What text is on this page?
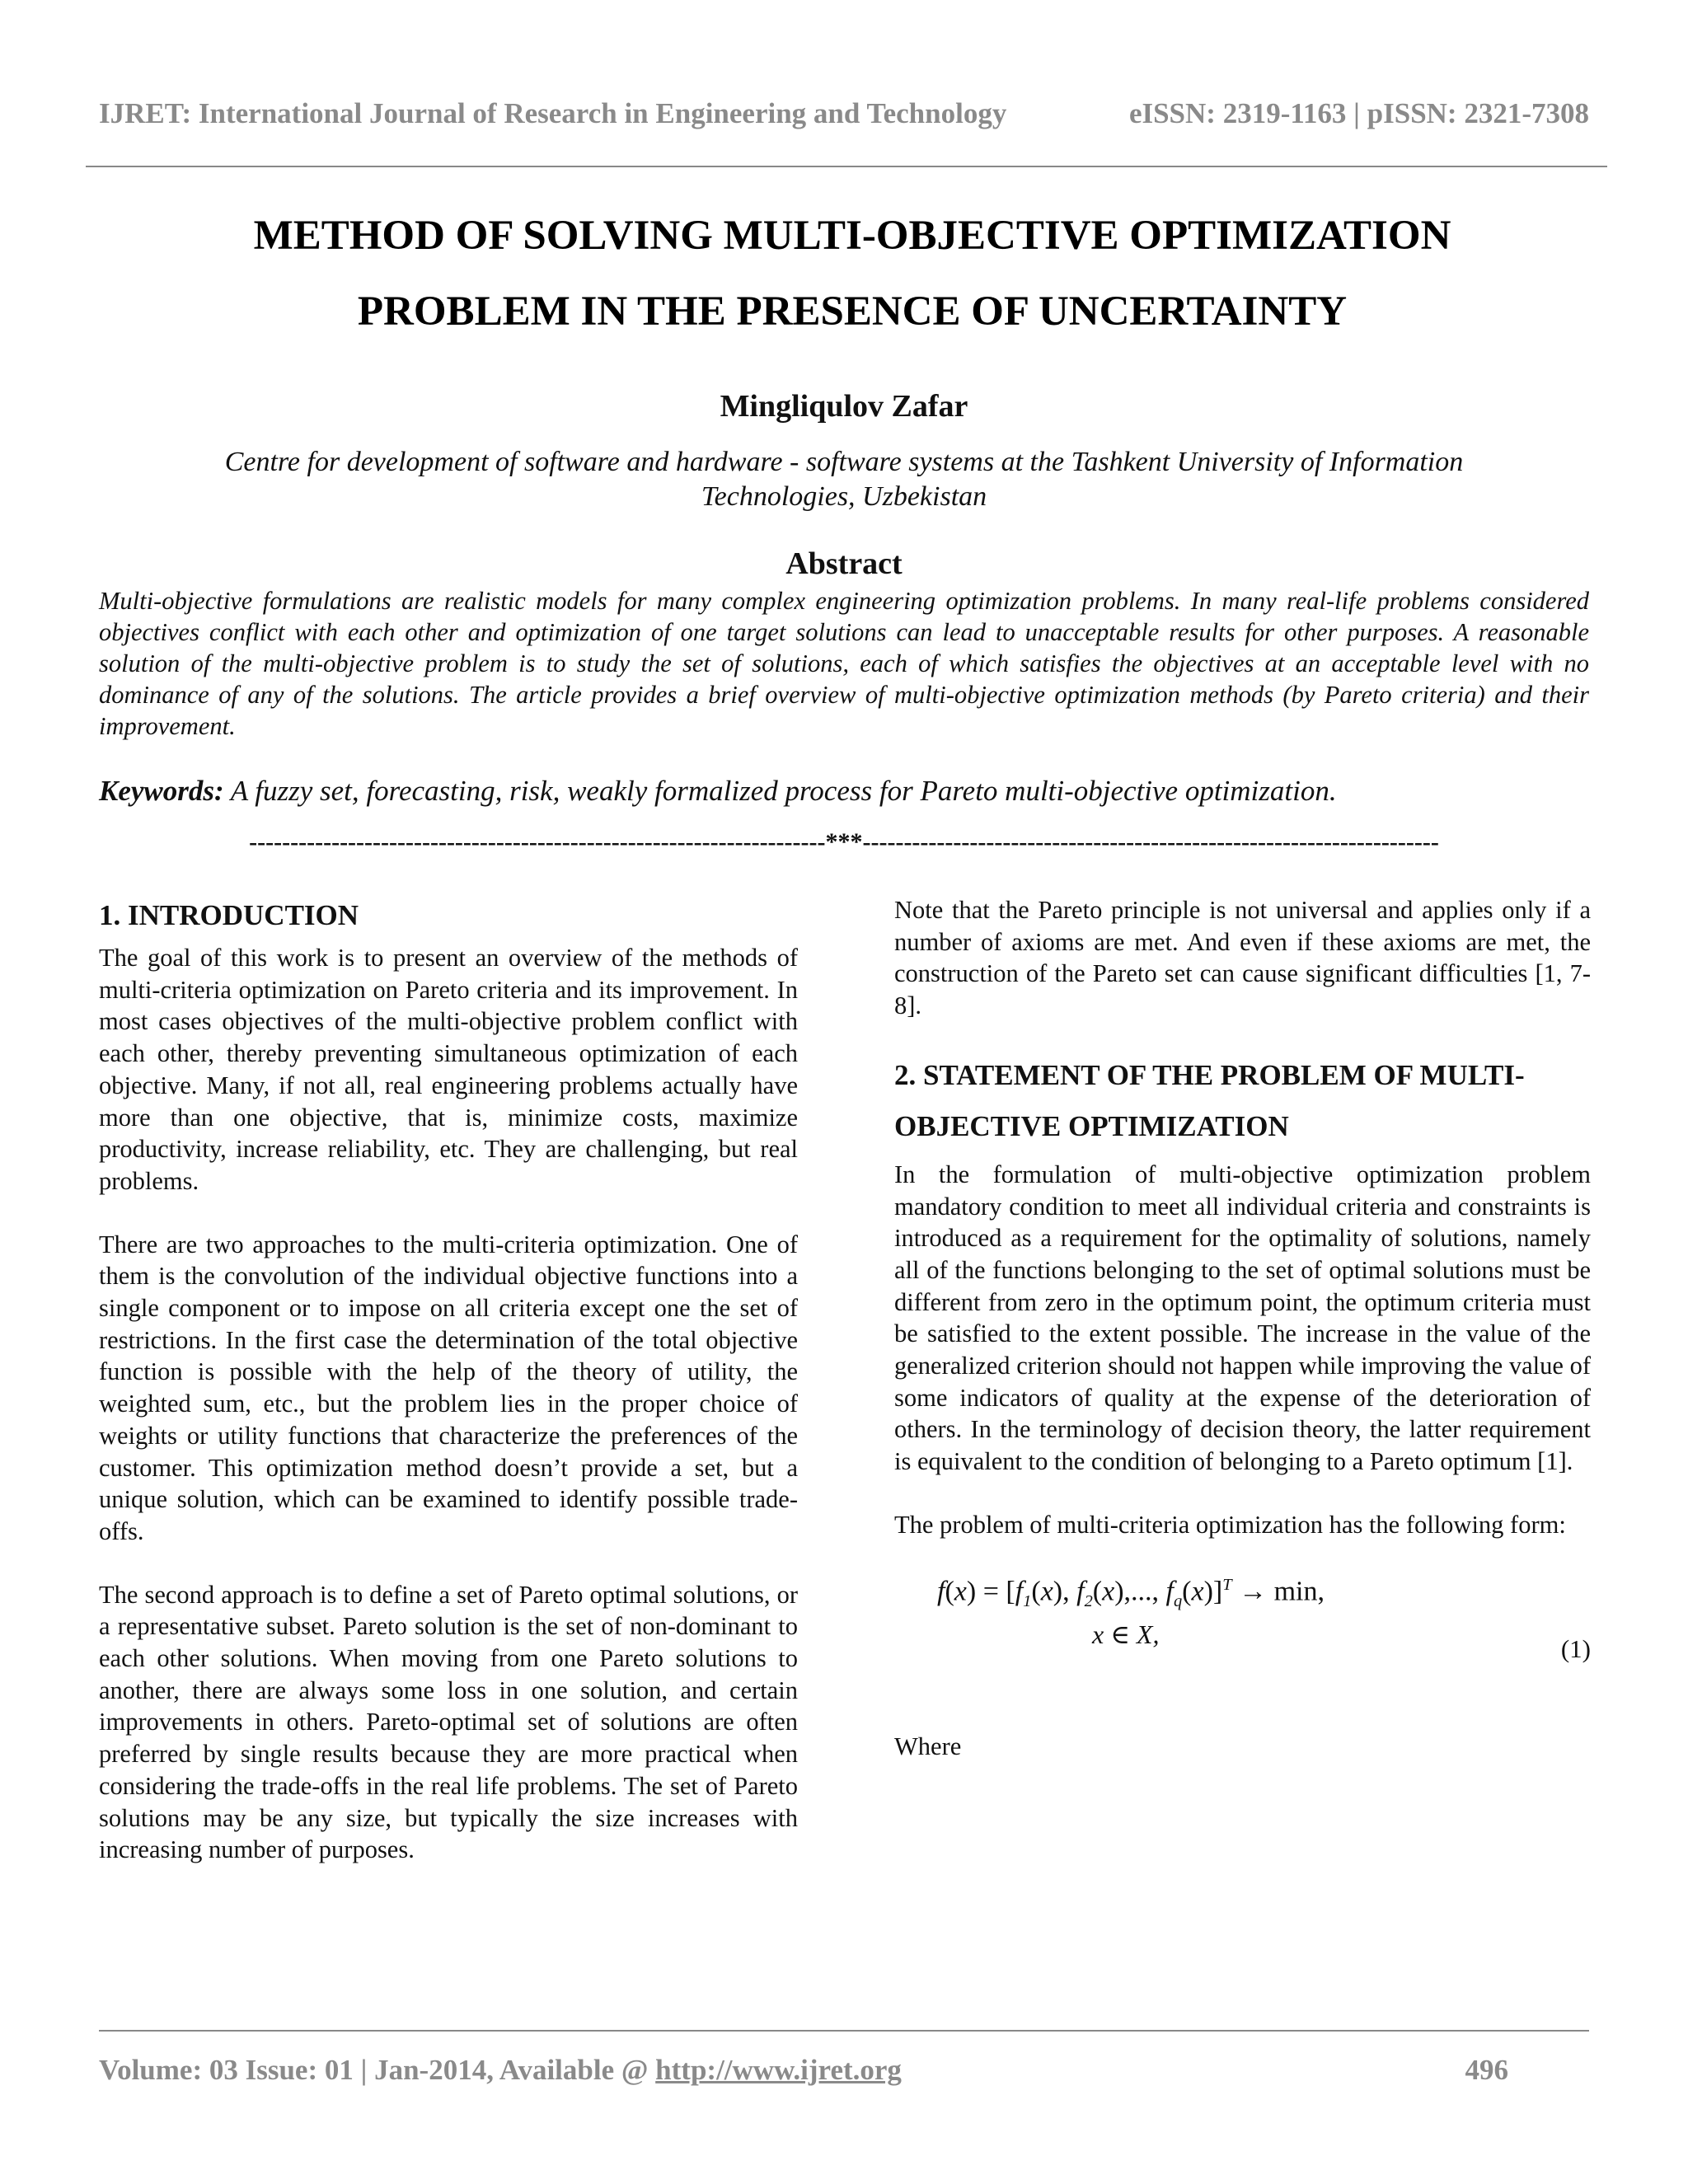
IJRET: International Journal of Research in Engineering and Technology	eISSN: 2319-1163 | pISSN: 2321-7308
METHOD OF SOLVING MULTI-OBJECTIVE OPTIMIZATION
PROBLEM IN THE PRESENCE OF UNCERTAINTY
Mingliqulov Zafar
Centre for development of software and hardware - software systems at the Tashkent University of Information
Technologies, Uzbekistan
Abstract
Multi-objective formulations are realistic models for many complex engineering optimization problems. In many real-life problems considered objectives conflict with each other and optimization of one target solutions can lead to unacceptable results for other purposes. A reasonable solution of the multi-objective problem is to study the set of solutions, each of which satisfies the objectives at an acceptable level with no dominance of any of the solutions. The article provides a brief overview of multi-objective optimization methods (by Pareto criteria) and their improvement.
Keywords: A fuzzy set, forecasting, risk, weakly formalized process for Pareto multi-objective optimization.
----------------------------------------------------------------------***----------------------------------------------------------------------
1. INTRODUCTION

The goal of this work is to present an overview of the methods of multi-criteria optimization on Pareto criteria and its improvement. In most cases objectives of the multi-objective problem conflict with each other, thereby preventing simultaneous optimization of each objective. Many, if not all, real engineering problems actually have more than one objective, that is, minimize costs, maximize productivity, increase reliability, etc. They are challenging, but real problems.

There are two approaches to the multi-criteria optimization. One of them is the convolution of the individual objective functions into a single component or to impose on all criteria except one the set of restrictions. In the first case the determination of the total objective function is possible with the help of the theory of utility, the weighted sum, etc., but the problem lies in the proper choice of weights or utility functions that characterize the preferences of the customer. This optimization method doesn’t provide a set, but a unique solution, which can be examined to identify possible trade-offs.

The second approach is to define a set of Pareto optimal solutions, or a representative subset. Pareto solution is the set of non-dominant to each other solutions. When moving from one Pareto solutions to another, there are always some loss in one solution, and certain improvements in others. Pareto-optimal set of solutions are often preferred by single results because they are more practical when considering the trade-offs in the real life problems. The set of Pareto solutions may be any size, but typically the size increases with increasing number of purposes.

Note that the Pareto principle is not universal and applies only if a number of axioms are met. And even if these axioms are met, the construction of the Pareto set can cause significant difficulties [1, 7-8].

2. STATEMENT OF THE PROBLEM OF MULTI-
OBJECTIVE OPTIMIZATION

In the formulation of multi-objective optimization problem mandatory condition to meet all individual criteria and constraints is introduced as a requirement for the optimality of solutions, namely all of the functions belonging to the set of optimal solutions must be different from zero in the optimum point, the optimum criteria must be satisfied to the extent possible. The increase in the value of the generalized criterion should not happen while improving the value of some indicators of quality at the expense of the deterioration of others. In the terminology of decision theory, the latter requirement is equivalent to the condition of belonging to a Pareto optimum [1].

The problem of multi-criteria optimization has the following form:

$f(x) = [f_1(x)$, $f_2(x)$,..., $f_q(x)]^T \to \min$,
x ∈ X,	(1)

Where

Volume: 03 Issue: 01 | Jan-2014, Available @ http://www.ijret.org	496
